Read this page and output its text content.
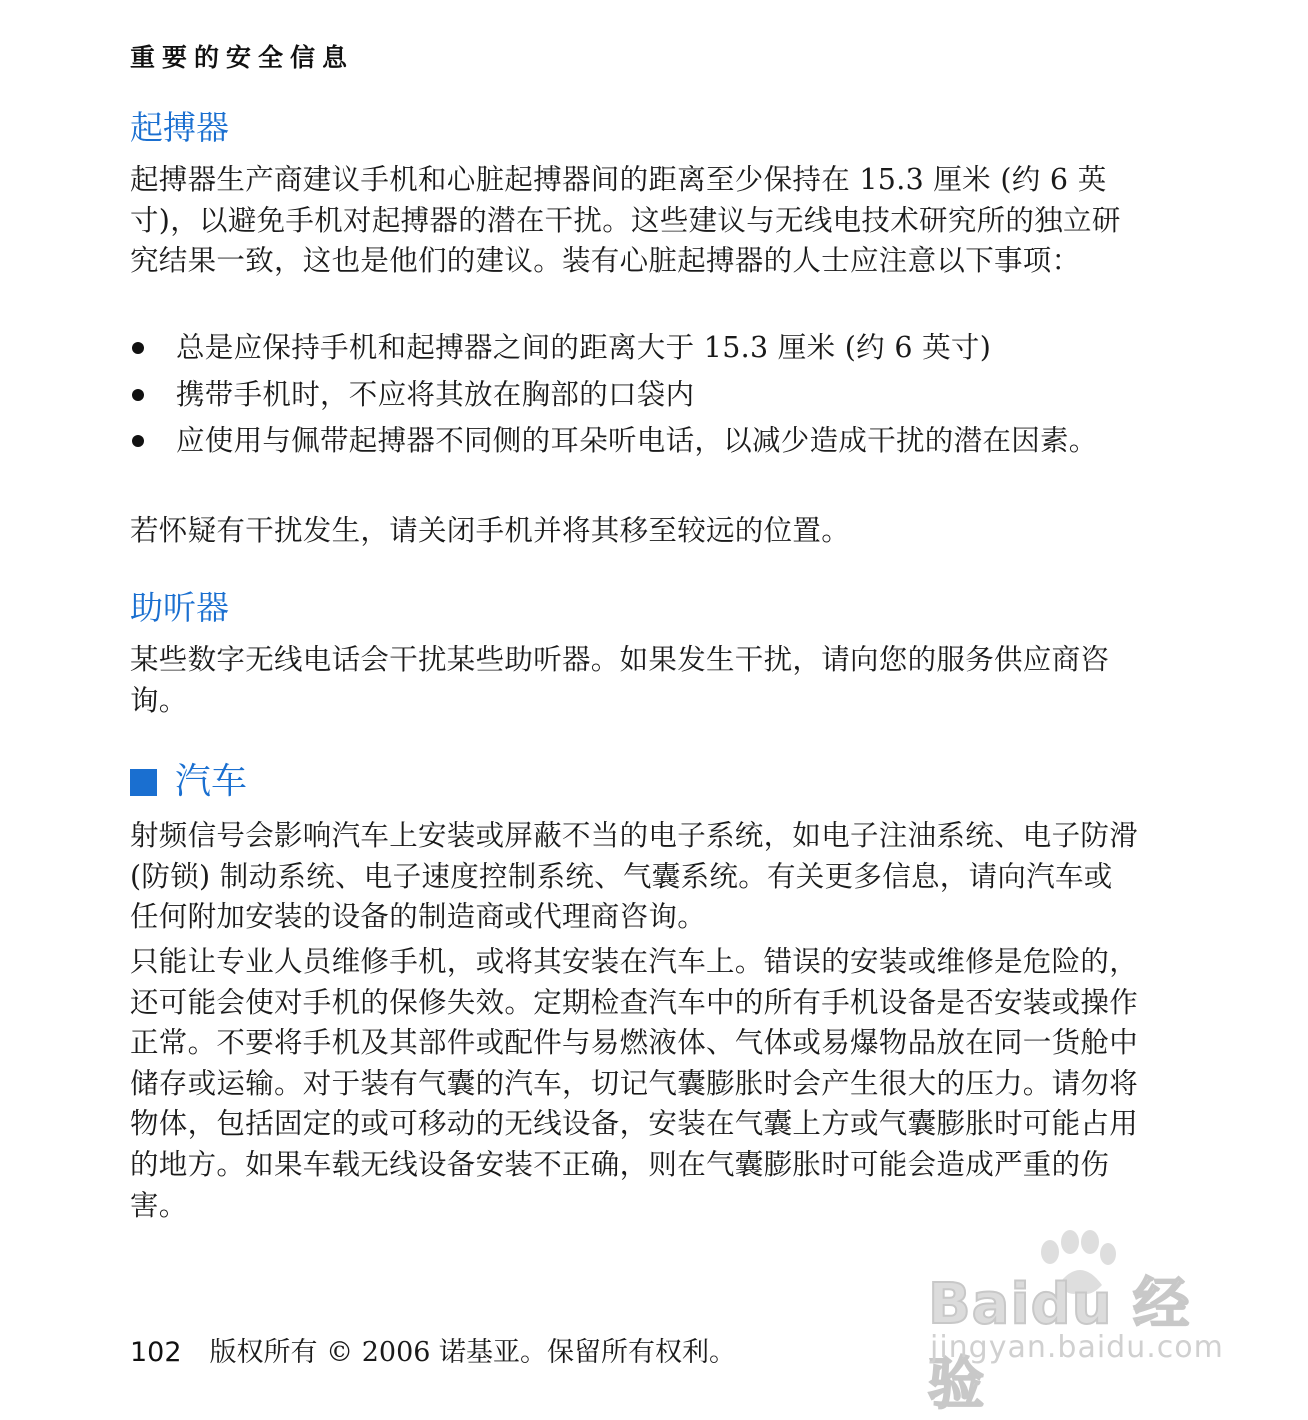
重要的安全信息
起搏器

起搏器生产商建议手机和心脏起搏器间的距离至少保持在 15.3 厘米 (约 6 英寸)，以避免手机对起搏器的潜在干扰。这些建议与无线电技术研究所的独立研究结果一致，这也是他们的建议。装有心脏起搏器的人士应注意以下事项：

总是应保持手机和起搏器之间的距离大于 15.3 厘米 (约 6 英寸)
携带手机时，不应将其放在胸部的口袋内
应使用与佩带起搏器不同侧的耳朵听电话，以减少造成干扰的潜在因素。

若怀疑有干扰发生，请关闭手机并将其移至较远的位置。

助听器

某些数字无线电话会干扰某些助听器。如果发生干扰，请向您的服务供应商咨询。

汽车

射频信号会影响汽车上安装或屏蔽不当的电子系统，如电子注油系统、电子防滑 (防锁) 制动系统、电子速度控制系统、气囊系统。有关更多信息，请向汽车或任何附加安装的设备的制造商或代理商咨询。

只能让专业人员维修手机，或将其安装在汽车上。错误的安装或维修是危险的，还可能会使对手机的保修失效。定期检查汽车中的所有手机设备是否安装或操作正常。不要将手机及其部件或配件与易燃液体、气体或易爆物品放在同一货舱中储存或运输。对于装有气囊的汽车，切记气囊膨胀时会产生很大的压力。请勿将物体，包括固定的或可移动的无线设备，安装在气囊上方或气囊膨胀时可能占用的地方。如果车载无线设备安装不正确，则在气囊膨胀时可能会造成严重的伤害。

102 版权所有 © 2006 诺基亚。保留所有权利。
Baidu 经验
jingyan.baidu.com
